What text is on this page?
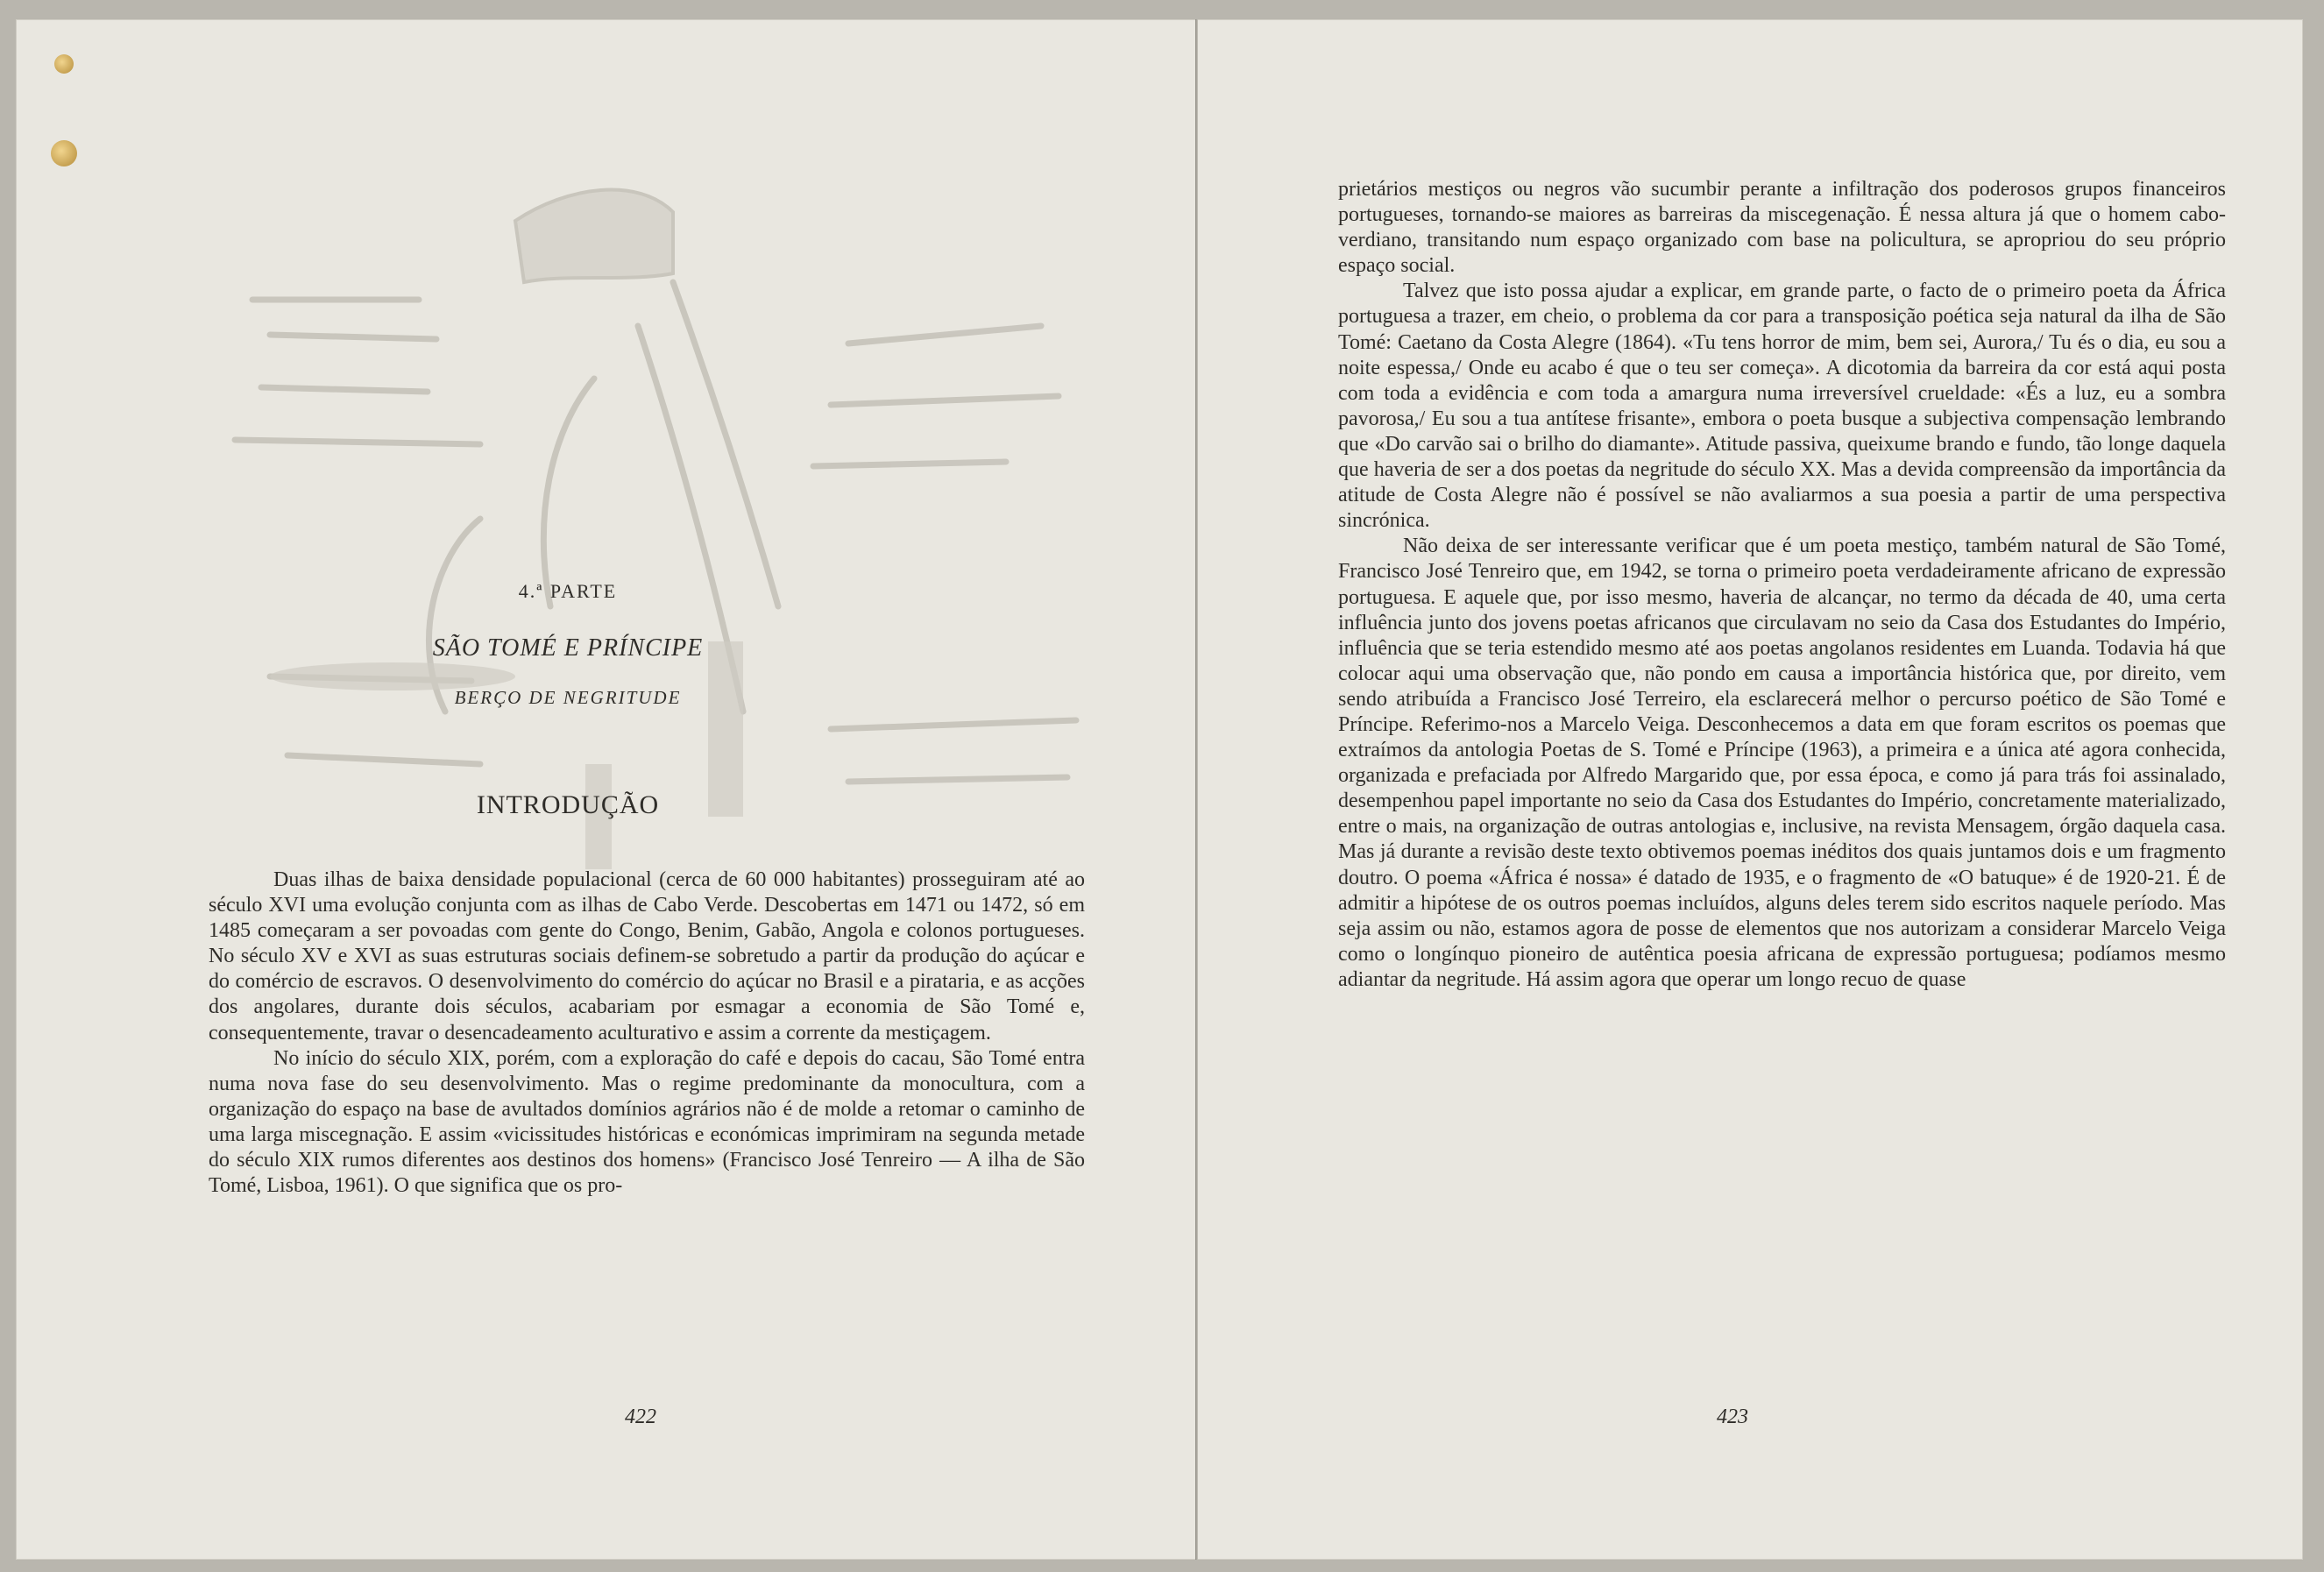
4.ª PARTE
SÃO TOMÉ E PRÍNCIPE
BERÇO DE NEGRITUDE
INTRODUÇÃO

Duas ilhas de baixa densidade populacional (cerca de 60 000 habitantes) prosseguiram até ao século XVI uma evolução conjunta com as ilhas de Cabo Verde. Descobertas em 1471 ou 1472, só em 1485 começaram a ser povoadas com gente do Congo, Benim, Gabão, Angola e colonos portugueses. No século XV e XVI as suas estruturas sociais definem-se sobretudo a partir da produção do açúcar e do comércio de escravos. O desenvolvimento do comércio do açúcar no Brasil e a pirataria, e as acções dos angolares, durante dois séculos, acabariam por esmagar a economia de São Tomé e, consequentemente, travar o desencadeamento aculturativo e assim a corrente da mestiçagem.

No início do século XIX, porém, com a exploração do café e depois do cacau, São Tomé entra numa nova fase do seu desenvolvimento. Mas o regime predominante da monocultura, com a organização do espaço na base de avultados domínios agrários não é de molde a retomar o caminho de uma larga miscegnação. E assim «vicissitudes históricas e económicas imprimiram na segunda metade do século XIX rumos diferentes aos destinos dos homens» (Francisco José Tenreiro — A ilha de São Tomé, Lisboa, 1961). O que significa que os pro-

422

prietários mestiços ou negros vão sucumbir perante a infiltração dos poderosos grupos financeiros portugueses, tornando-se maiores as barreiras da miscegenação. É nessa altura já que o homem cabo-verdiano, transitando num espaço organizado com base na policultura, se apropriou do seu próprio espaço social.

Talvez que isto possa ajudar a explicar, em grande parte, o facto de o primeiro poeta da África portuguesa a trazer, em cheio, o problema da cor para a transposição poética seja natural da ilha de São Tomé: Caetano da Costa Alegre (1864). «Tu tens horror de mim, bem sei, Aurora,/ Tu és o dia, eu sou a noite espessa,/ Onde eu acabo é que o teu ser começa». A dicotomia da barreira da cor está aqui posta com toda a evidência e com toda a amargura numa irreversível crueldade: «És a luz, eu a sombra pavorosa,/ Eu sou a tua antítese frisante», embora o poeta busque a subjectiva compensação lembrando que «Do carvão sai o brilho do diamante». Atitude passiva, queixume brando e fundo, tão longe daquela que haveria de ser a dos poetas da negritude do século XX. Mas a devida compreensão da importância da atitude de Costa Alegre não é possível se não avaliarmos a sua poesia a partir de uma perspectiva sincrónica.

Não deixa de ser interessante verificar que é um poeta mestiço, também natural de São Tomé, Francisco José Tenreiro que, em 1942, se torna o primeiro poeta verdadeiramente africano de expressão portuguesa. E aquele que, por isso mesmo, haveria de alcançar, no termo da década de 40, uma certa influência junto dos jovens poetas africanos que circulavam no seio da Casa dos Estudantes do Império, influência que se teria estendido mesmo até aos poetas angolanos residentes em Luanda. Todavia há que colocar aqui uma observação que, não pondo em causa a importância histórica que, por direito, vem sendo atribuída a Francisco José Terreiro, ela esclarecerá melhor o percurso poético de São Tomé e Príncipe. Referimo-nos a Marcelo Veiga. Desconhecemos a data em que foram escritos os poemas que extraímos da antologia Poetas de S. Tomé e Príncipe (1963), a primeira e a única até agora conhecida, organizada e prefaciada por Alfredo Margarido que, por essa época, e como já para trás foi assinalado, desempenhou papel importante no seio da Casa dos Estudantes do Império, concretamente materializado, entre o mais, na organização de outras antologias e, inclusive, na revista Mensagem, órgão daquela casa. Mas já durante a revisão deste texto obtivemos poemas inéditos dos quais juntamos dois e um fragmento doutro. O poema «África é nossa» é datado de 1935, e o fragmento de «O batuque» é de 1920-21. É de admitir a hipótese de os outros poemas incluídos, alguns deles terem sido escritos naquele período. Mas seja assim ou não, estamos agora de posse de elementos que nos autorizam a considerar Marcelo Veiga como o longínquo pioneiro de autêntica poesia africana de expressão portuguesa; podíamos mesmo adiantar da negritude. Há assim agora que operar um longo recuo de quase

423
